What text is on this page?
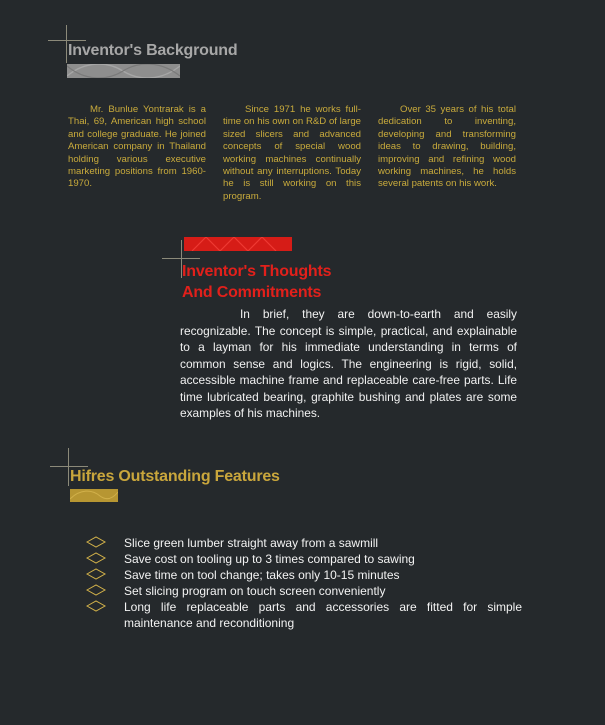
Inventor's Background
Mr. Bunlue Yontrarak is a Thai, 69, American high school and college graduate. He joined American company in Thailand holding various executive marketing positions from 1960-1970.
Since 1971 he works full-time on his own on R&D of large sized slicers and advanced concepts of special wood working machines continually without any interruptions. Today he is still working on this program.
Over 35 years of his total dedication to inventing, developing and transforming ideas to drawing, building, improving and refining wood working machines, he holds several patents on his work.
Inventor's Thoughts
And Commitments
In brief, they are down-to-earth and easily recognizable. The concept is simple, practical, and explainable to a layman for his immediate understanding in terms of common sense and logics. The engineering is rigid, solid, accessible machine frame and replaceable care-free parts. Life time lubricated bearing, graphite bushing and plates are some examples of his machines.
Hifres Outstanding Features
Slice green lumber straight away from a sawmill
Save cost on tooling up to 3 times compared to sawing
Save time on tool change; takes only 10-15 minutes
Set slicing program on touch screen conveniently
Long life replaceable parts and accessories are fitted for simple maintenance and reconditioning
